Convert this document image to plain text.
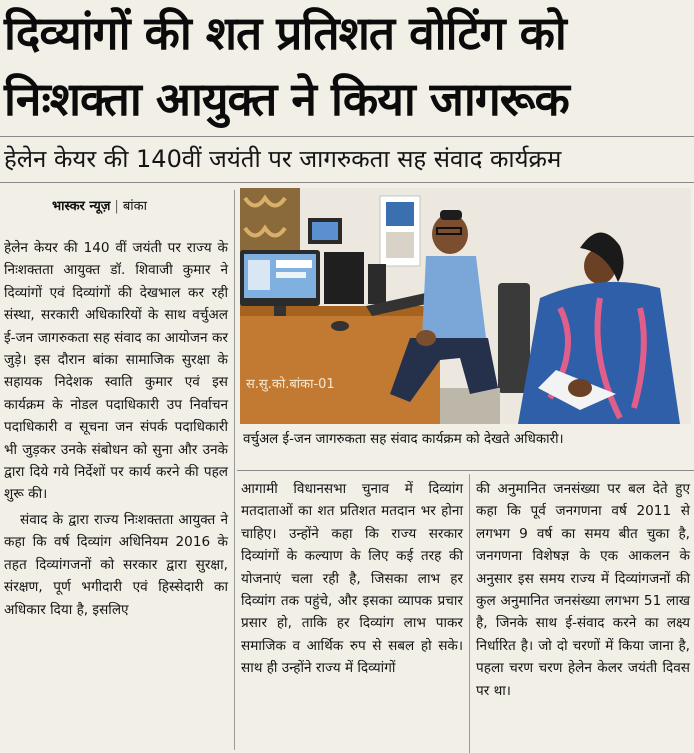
दिव्यांगों की शत प्रतिशत वोटिंग को
निःशक्ता आयुक्त ने किया जागरूक
हेलेन केयर की 140वीं जयंती पर जागरुकता सह संवाद कार्यक्रम
भास्कर न्यूज़ | बांका

हेलेन केयर की 140 वीं जयंती पर राज्य के निःशक्तता आयुक्त डॉ. शिवाजी कुमार ने दिव्यांगों एवं दिव्यांगों की देखभाल कर रही संस्था, सरकारी अधिकारियों के साथ वर्चुअल ई-जन जागरुकता सह संवाद का आयोजन कर जुड़े। इस दौरान बांका सामाजिक सुरक्षा के सहायक निदेशक स्वाति कुमार एवं इस कार्यक्रम के नोडल पदाधिकारी उप निर्वाचन पदाधिकारी व सूचना जन संपर्क पदाधिकारी भी जुड़कर उनके संबोधन को सुना और उनके द्वारा दिये गये निर्देशों पर कार्य करने की पहल शुरू की।

संवाद के द्वारा राज्य निःशक्तता आयुक्त ने कहा कि वर्ष दिव्यांग अधिनियम 2016 के तहत दिव्यांगजनों को सरकार द्वारा सुरक्षा, संरक्षण, पूर्ण भगीदारी एवं हिस्सेदारी का अधिकार दिया है, इसलिए

स.सु.को.बांका-01
वर्चुअल ई-जन जागरुकता सह संवाद कार्यक्रम को देखते अधिकारी।

आगामी विधानसभा चुनाव में दिव्यांग मतदाताओं का शत प्रतिशत मतदान भर होना चाहिए। उन्होंने कहा कि राज्य सरकार दिव्यांगों के कल्याण के लिए कई तरह की योजनाएं चला रही है, जिसका लाभ हर दिव्यांग तक पहुंचे, और इसका व्यापक प्रचार प्रसार हो, ताकि हर दिव्यांग लाभ पाकर समाजिक व आर्थिक रुप से सबल हो सके। साथ ही उन्होंने राज्य में दिव्यांगों

की अनुमानित जनसंख्या पर बल देते हुए कहा कि पूर्व जनगणना वर्ष 2011 से लगभग 9 वर्ष का समय बीत चुका है, जनगणना विशेषज्ञ के एक आकलन के अनुसार इस समय राज्य में दिव्यांगजनों की कुल अनुमानित जनसंख्या लगभग 51 लाख है, जिनके साथ ई-संवाद करने का लक्ष्य निर्धारित है। जो दो चरणों में किया जाना है, पहला चरण चरण हेलेन केलर जयंती दिवस पर था।
